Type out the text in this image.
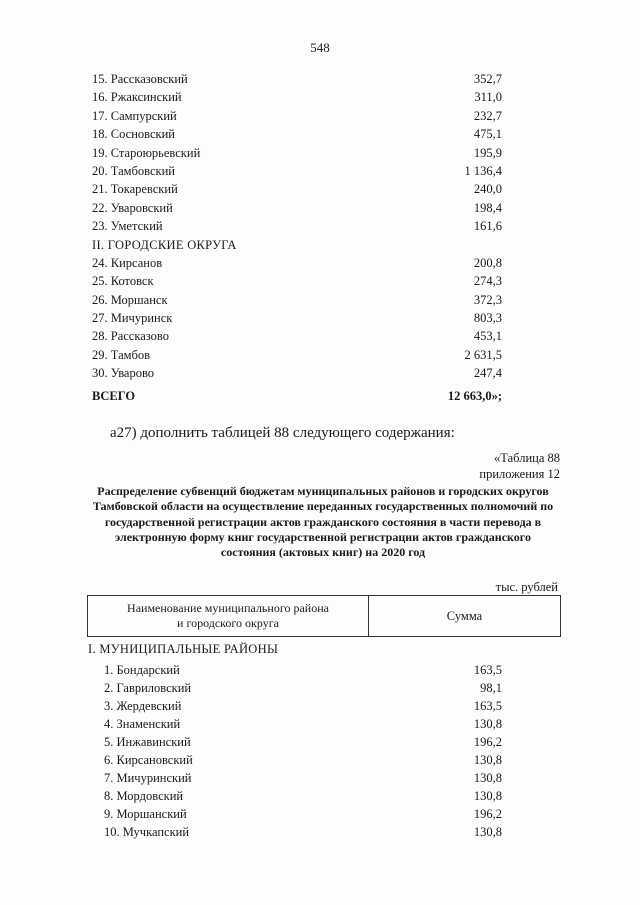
548
15. Рассказовский	352,7
16. Ржаксинский	311,0
17. Сампурский	232,7
18. Сосновский	475,1
19. Староюрьевский	195,9
20. Тамбовский	1 136,4
21. Токаревский	240,0
22. Уваровский	198,4
23. Уметский	161,6
II. ГОРОДСКИЕ ОКРУГА
24. Кирсанов	200,8
25. Котовск	274,3
26. Моршанск	372,3
27. Мичуринск	803,3
28. Рассказово	453,1
29. Тамбов	2 631,5
30. Уварово	247,4
ВСЕГО	12 663,0»;
а27) дополнить таблицей 88 следующего содержания:
«Таблица 88
приложения 12
Распределение субвенций бюджетам муниципальных районов и городских округов Тамбовской области на осуществление переданных государственных полномочий по государственной регистрации актов гражданского состояния в части перевода в электронную форму книг государственной регистрации актов гражданского состояния (актовых книг) на 2020 год
тыс. рублей
Наименование муниципального района
и городского округа
Сумма
I. МУНИЦИПАЛЬНЫЕ РАЙОНЫ
1. Бондарский	163,5
2. Гавриловский	98,1
3. Жердевский	163,5
4. Знаменский	130,8
5. Инжавинский	196,2
6. Кирсановский	130,8
7. Мичуринский	130,8
8. Мордовский	130,8
9. Моршанский	196,2
10. Мучкапский	130,8
